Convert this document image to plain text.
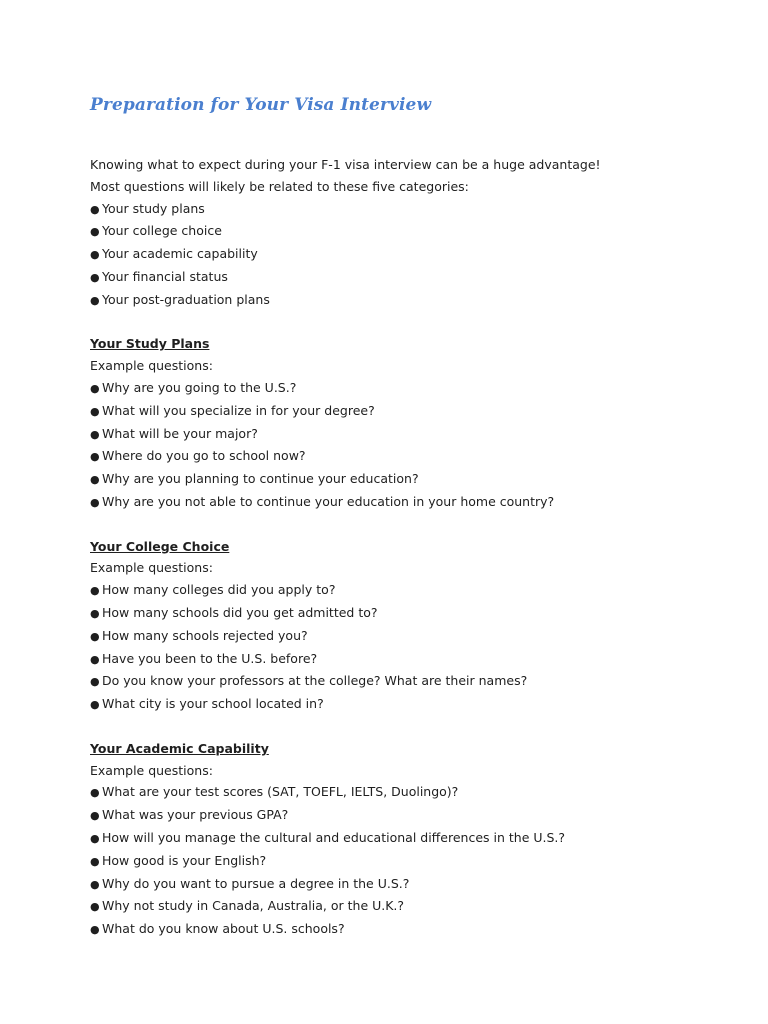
Preparation for Your Visa Interview

Knowing what to expect during your F-1 visa interview can be a huge advantage!

Most questions will likely be related to these five categories:

● Your study plans
● Your college choice
● Your academic capability
● Your financial status
● Your post-graduation plans

Your Study Plans

Example questions:

● Why are you going to the U.S.?
● What will you specialize in for your degree?
● What will be your major?
● Where do you go to school now?
● Why are you planning to continue your education?
● Why are you not able to continue your education in your home country?

Your College Choice

Example questions:

● How many colleges did you apply to?
● How many schools did you get admitted to?
● How many schools rejected you?
● Have you been to the U.S. before?
● Do you know your professors at the college? What are their names?
● What city is your school located in?

Your Academic Capability

Example questions:

● What are your test scores (SAT, TOEFL, IELTS, Duolingo)?
● What was your previous GPA?
● How will you manage the cultural and educational differences in the U.S.?
● How good is your English?
● Why do you want to pursue a degree in the U.S.?
● Why not study in Canada, Australia, or the U.K.?
● What do you know about U.S. schools?
